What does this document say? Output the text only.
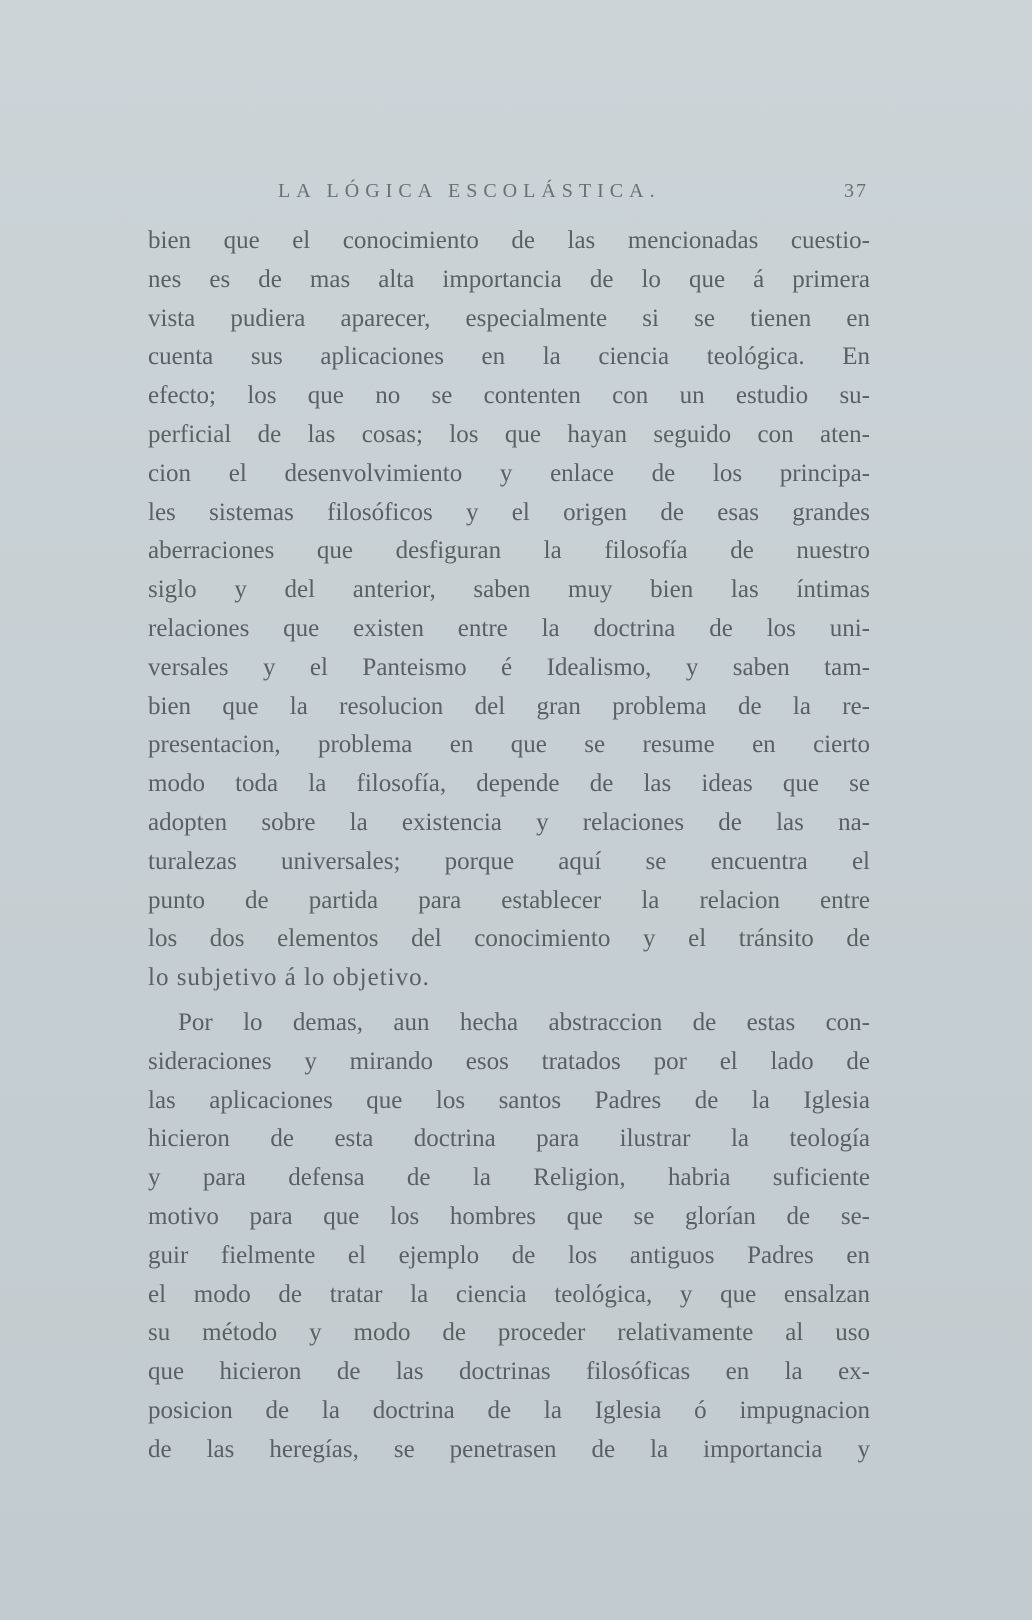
LA LÓGICA ESCOLÁSTICA.	37
bien que el conocimiento de las mencionadas cuestio-
nes es de mas alta importancia de lo que á primera
vista pudiera aparecer, especialmente si se tienen en
cuenta sus aplicaciones en la ciencia teológica. En
efecto; los que no se contenten con un estudio su-
perficial de las cosas; los que hayan seguido con aten-
cion el desenvolvimiento y enlace de los principa-
les sistemas filosóficos y el origen de esas grandes
aberraciones que desfiguran la filosofía de nuestro
siglo y del anterior, saben muy bien las íntimas
relaciones que existen entre la doctrina de los uni-
versales y el Panteismo é Idealismo, y saben tam-
bien que la resolucion del gran problema de la re-
presentacion, problema en que se resume en cierto
modo toda la filosofía, depende de las ideas que se
adopten sobre la existencia y relaciones de las na-
turalezas universales; porque aquí se encuentra el
punto de partida para establecer la relacion entre
los dos elementos del conocimiento y el tránsito de
lo subjetivo á lo objetivo.
Por lo demas, aun hecha abstraccion de estas con-
sideraciones y mirando esos tratados por el lado de
las aplicaciones que los santos Padres de la Iglesia
hicieron de esta doctrina para ilustrar la teología
y para defensa de la Religion, habria suficiente
motivo para que los hombres que se glorían de se-
guir fielmente el ejemplo de los antiguos Padres en
el modo de tratar la ciencia teológica, y que ensalzan
su método y modo de proceder relativamente al uso
que hicieron de las doctrinas filosóficas en la ex-
posicion de la doctrina de la Iglesia ó impugnacion
de las heregías, se penetrasen de la importancia y
